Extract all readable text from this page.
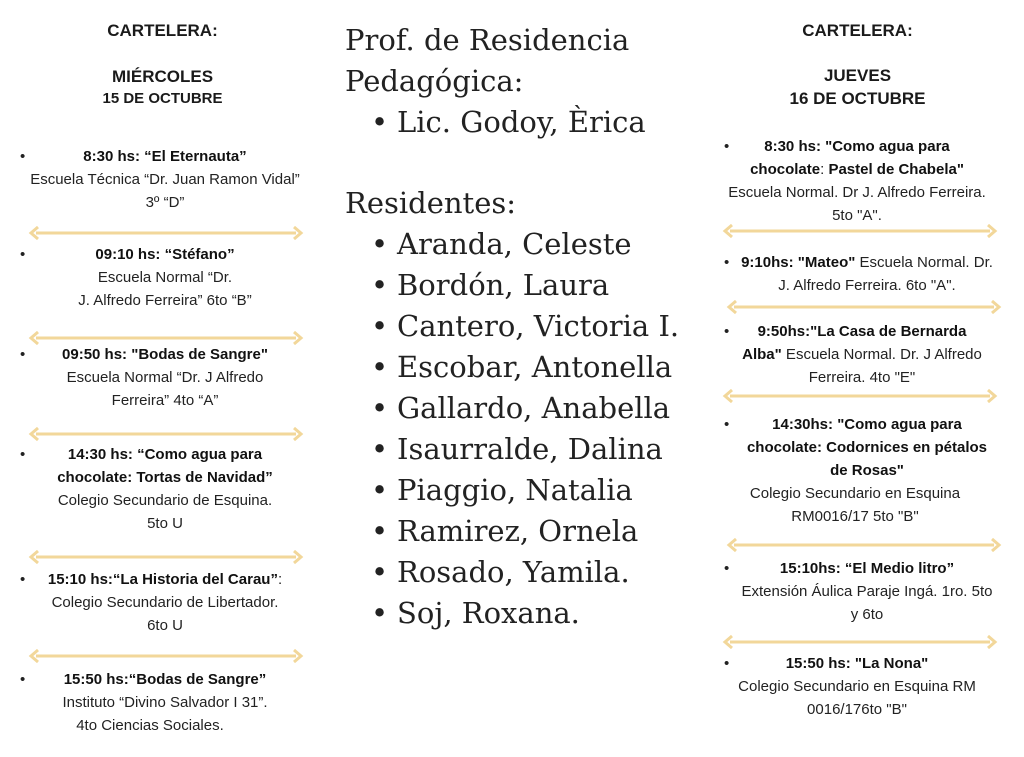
CARTELERA:
MIÉRCOLES
15 DE OCTUBRE
•	8:30 hs: “El Eternauta”
Escuela Técnica “Dr. Juan Ramon Vidal”
3º “D”
•	09:10 hs: “Stéfano”
Escuela Normal “Dr.
J. Alfredo Ferreira” 6to “B”
•	09:50 hs: "Bodas de Sangre"
Escuela Normal “Dr. J Alfredo
Ferreira” 4to “A”
•	14:30 hs: “Como agua para
chocolate: Tortas de Navidad”
Colegio Secundario de Esquina.
5to U
•	15:10 hs:“La Historia del Carau”:
Colegio Secundario de Libertador.
6to U
•	15:50 hs:“Bodas de Sangre”
Instituto “Divino Salvador I 31”.
4to Ciencias Sociales.
Prof. de Residencia
Pedagógica:
• Lic. Godoy, Èrica
Residentes:
• Aranda, Celeste
• Bordón, Laura
• Cantero, Victoria I.
• Escobar, Antonella
• Gallardo, Anabella
• Isaurralde, Dalina
• Piaggio, Natalia
• Ramirez, Ornela
• Rosado, Yamila.
• Soj, Roxana.
CARTELERA:
JUEVES
16 DE OCTUBRE
•	8:30 hs: "Como agua para
chocolate: Pastel de Chabela"
Escuela Normal. Dr J. Alfredo Ferreira.
5to "A".
• 9:10hs: "Mateo" Escuela Normal. Dr.
J. Alfredo Ferreira. 6to "A".
•	9:50hs:"La Casa de Bernarda
Alba" Escuela Normal. Dr. J Alfredo
Ferreira. 4to "E"
•	14:30hs: "Como agua para
chocolate: Codornices en pétalos
de Rosas"
Colegio Secundario en Esquina
RM0016/17 5to "B"
•	15:10hs: “El Medio litro”
Extensión Áulica Paraje Ingá. 1ro. 5to
y 6to
•	15:50 hs: "La Nona"
Colegio Secundario en Esquina RM
0016/176to "B"
